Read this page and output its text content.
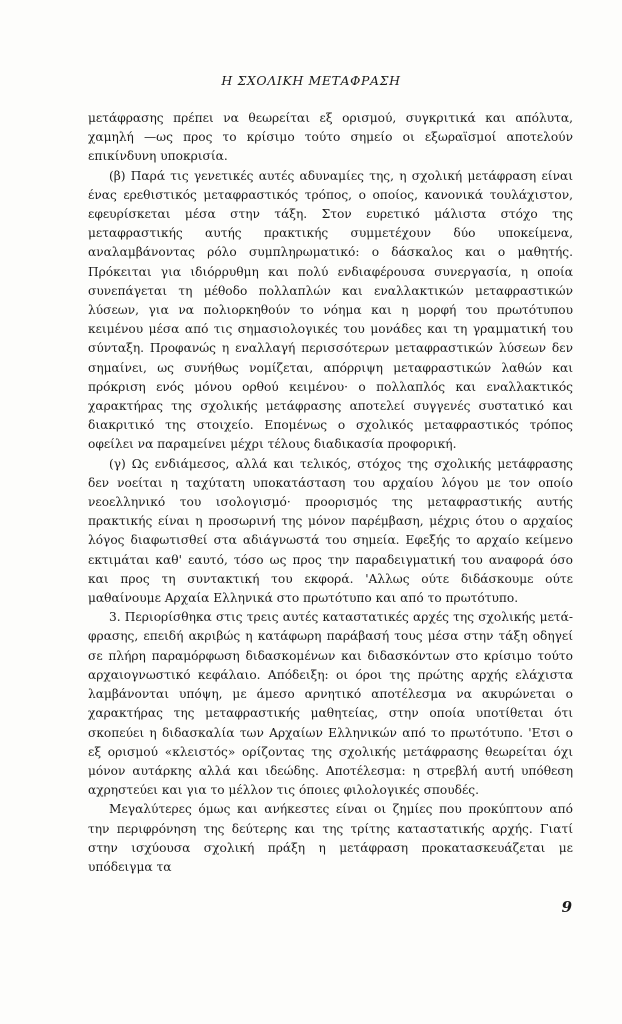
Η ΣΧΟΛΙΚΗ ΜΕΤΑΦΡΑΣΗ

μετάφρασης πρέπει να θεωρείται εξ ορισμού, συγκριτικά και απόλυτα, χαμηλή —ως προς το κρίσιμο τούτο σημείο οι εξωραϊσμοί αποτελούν επικίνδυνη υποκρισία.

(β) Παρά τις γενετικές αυτές αδυναμίες της, η σχολική μετάφραση είναι ένας ερεθιστικός μεταφραστικός τρόπος, ο οποίος, κανονικά τουλάχιστον, εφευρίσκεται μέσα στην τάξη. Στον ευρετικό μάλιστα στόχο της μεταφραστικής αυτής πρακτικής συμμετέχουν δύο υποκείμενα, αναλαμβάνοντας ρόλο συμπληρωματικό: ο δάσκαλος και ο μαθητής. Πρόκειται για ιδιόρρυθμη και πολύ ενδιαφέρουσα συνεργασία, η οποία συνεπάγεται τη μέθοδο πολλαπλών και εναλλακτικών μεταφραστικών λύσεων, για να πολιορκηθούν το νόημα και η μορφή του πρωτότυπου κειμένου μέσα από τις σημασιολογικές του μονάδες και τη γραμματική του σύνταξη. Προφανώς η εναλλαγή περισσότερων μεταφραστικών λύσεων δεν σημαίνει, ως συνήθως νομίζεται, απόρριψη μεταφραστικών λαθών και πρόκριση ενός μόνου ορθού κειμένου· ο πολλαπλός και εναλλακτικός χαρακτήρας της σχολικής μετάφρασης αποτελεί συγγενές συστατικό και διακριτικό της στοιχείο. Επομένως ο σχολικός μεταφραστικός τρόπος οφείλει να παραμείνει μέχρι τέλους διαδικασία προφορική.

(γ) Ως ενδιάμεσος, αλλά και τελικός, στόχος της σχολικής μετάφρασης δεν νοείται η ταχύτατη υποκατάσταση του αρχαίου λόγου με τον οποίο νεοελληνικό του ισολογισμό· προορισμός της μεταφραστικής αυτής πρακτικής είναι η προσωρινή της μόνον παρέμβαση, μέχρις ότου ο αρχαίος λόγος διαφωτισθεί στα αδιάγνωστά του σημεία. Εφεξής το αρχαίο κείμενο εκτιμάται καθ' εαυτό, τόσο ως προς την παραδειγματική του αναφορά όσο και προς τη συντακτική του εκφορά. 'Αλλως ούτε διδάσκουμε ούτε μαθαίνουμε Αρχαία Ελληνικά στο πρωτότυπο και από το πρωτότυπο.

3. Περιορίσθηκα στις τρεις αυτές καταστατικές αρχές της σχολικής μετάφρασης, επειδή ακριβώς η κατάφωρη παράβασή τους μέσα στην τάξη οδηγεί σε πλήρη παραμόρφωση διδασκομένων και διδασκόντων στο κρίσιμο τούτο αρχαιογνωστικό κεφάλαιο. Απόδειξη: οι όροι της πρώτης αρχής ελάχιστα λαμβάνονται υπόψη, με άμεσο αρνητικό αποτέλεσμα να ακυρώνεται ο χαρακτήρας της μεταφραστικής μαθητείας, στην οποία υποτίθεται ότι σκοπεύει η διδασκαλία των Αρχαίων Ελληνικών από το πρωτότυπο. 'Ετσι ο εξ ορισμού «κλειστός» ορίζοντας της σχολικής μετάφρασης θεωρείται όχι μόνον αυτάρκης αλλά και ιδεώδης. Αποτέλεσμα: η στρεβλή αυτή υπόθεση αχρηστεύει και για το μέλλον τις όποιες φιλολογικές σπουδές.

Μεγαλύτερες όμως και ανήκεστες είναι οι ζημίες που προκύπτουν από την περιφρόνηση της δεύτερης και της τρίτης καταστατικής αρχής. Γιατί στην ισχύουσα σχολική πράξη η μετάφραση προκατασκευάζεται με υπόδειγμα τα

9
